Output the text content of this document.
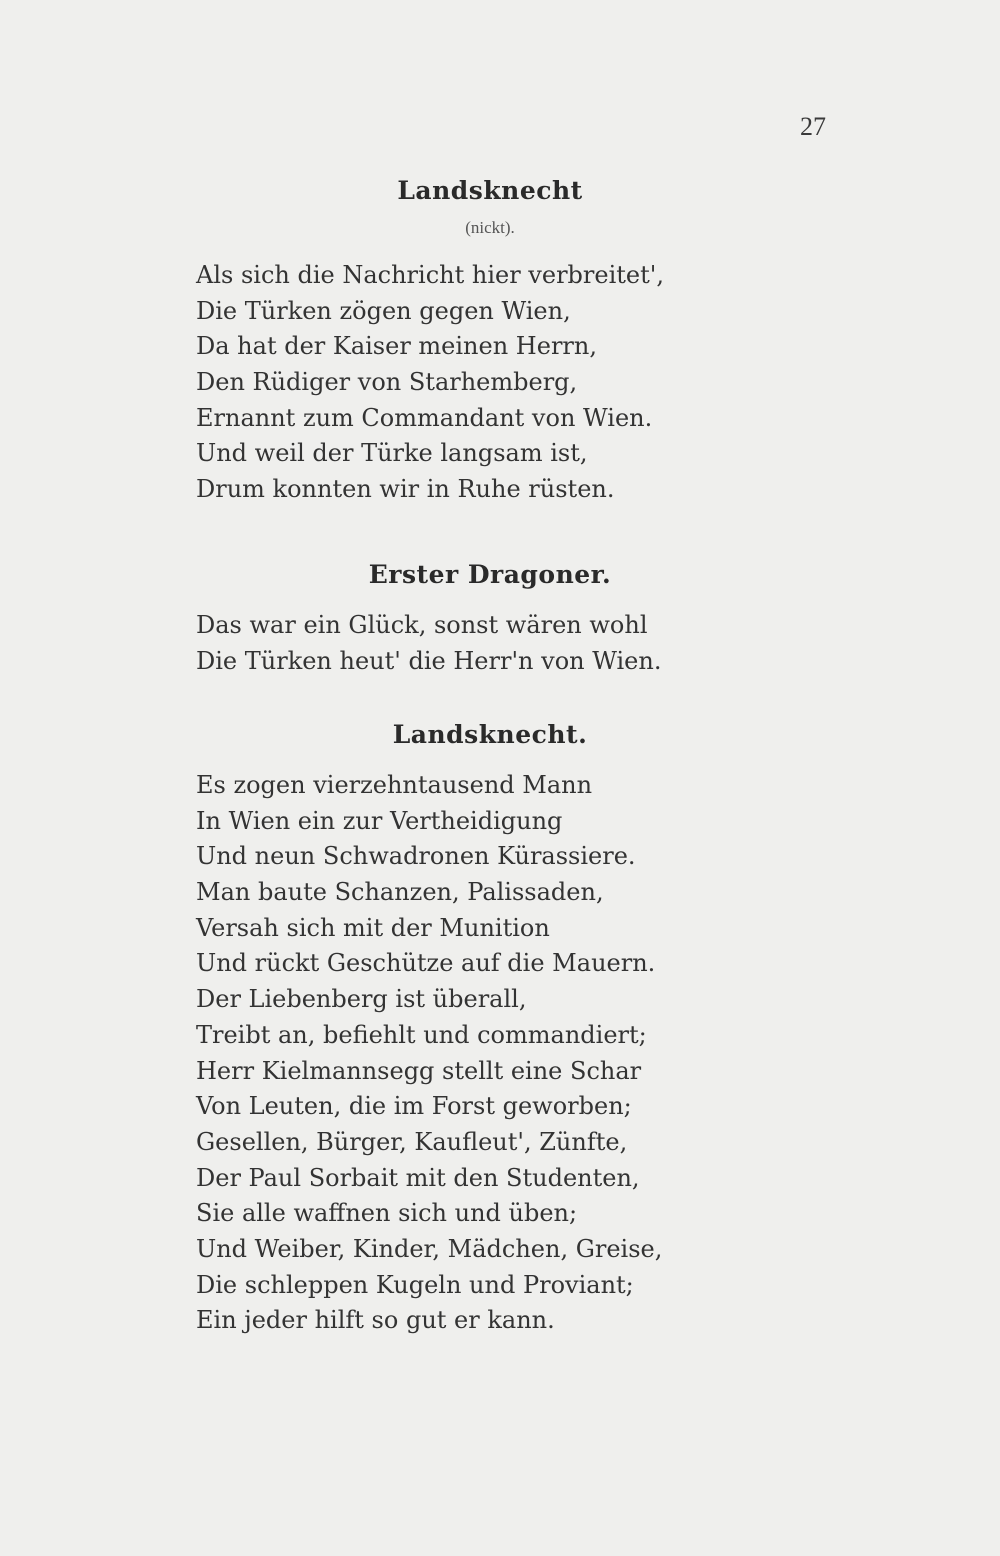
27
Landsknecht
(nickt).
Als sich die Nachricht hier verbreitet',
Die Türken zögen gegen Wien,
Da hat der Kaiser meinen Herrn,
Den Rüdiger von Starhemberg,
Ernannt zum Commandant von Wien.
Und weil der Türke langsam ist,
Drum konnten wir in Ruhe rüsten.
Erster Dragoner.
Das war ein Glück, sonst wären wohl
Die Türken heut' die Herr'n von Wien.
Landsknecht.
Es zogen vierzehntausend Mann
In Wien ein zur Vertheidigung
Und neun Schwadronen Kürassiere.
Man baute Schanzen, Palissaden,
Versah sich mit der Munition
Und rückt Geschütze auf die Mauern.
Der Liebenberg ist überall,
Treibt an, befiehlt und commandiert;
Herr Kielmannsegg stellt eine Schar
Von Leuten, die im Forst geworben;
Gesellen, Bürger, Kaufleut', Zünfte,
Der Paul Sorbait mit den Studenten,
Sie alle waffnen sich und üben;
Und Weiber, Kinder, Mädchen, Greise,
Die schleppen Kugeln und Proviant;
Ein jeder hilft so gut er kann.
